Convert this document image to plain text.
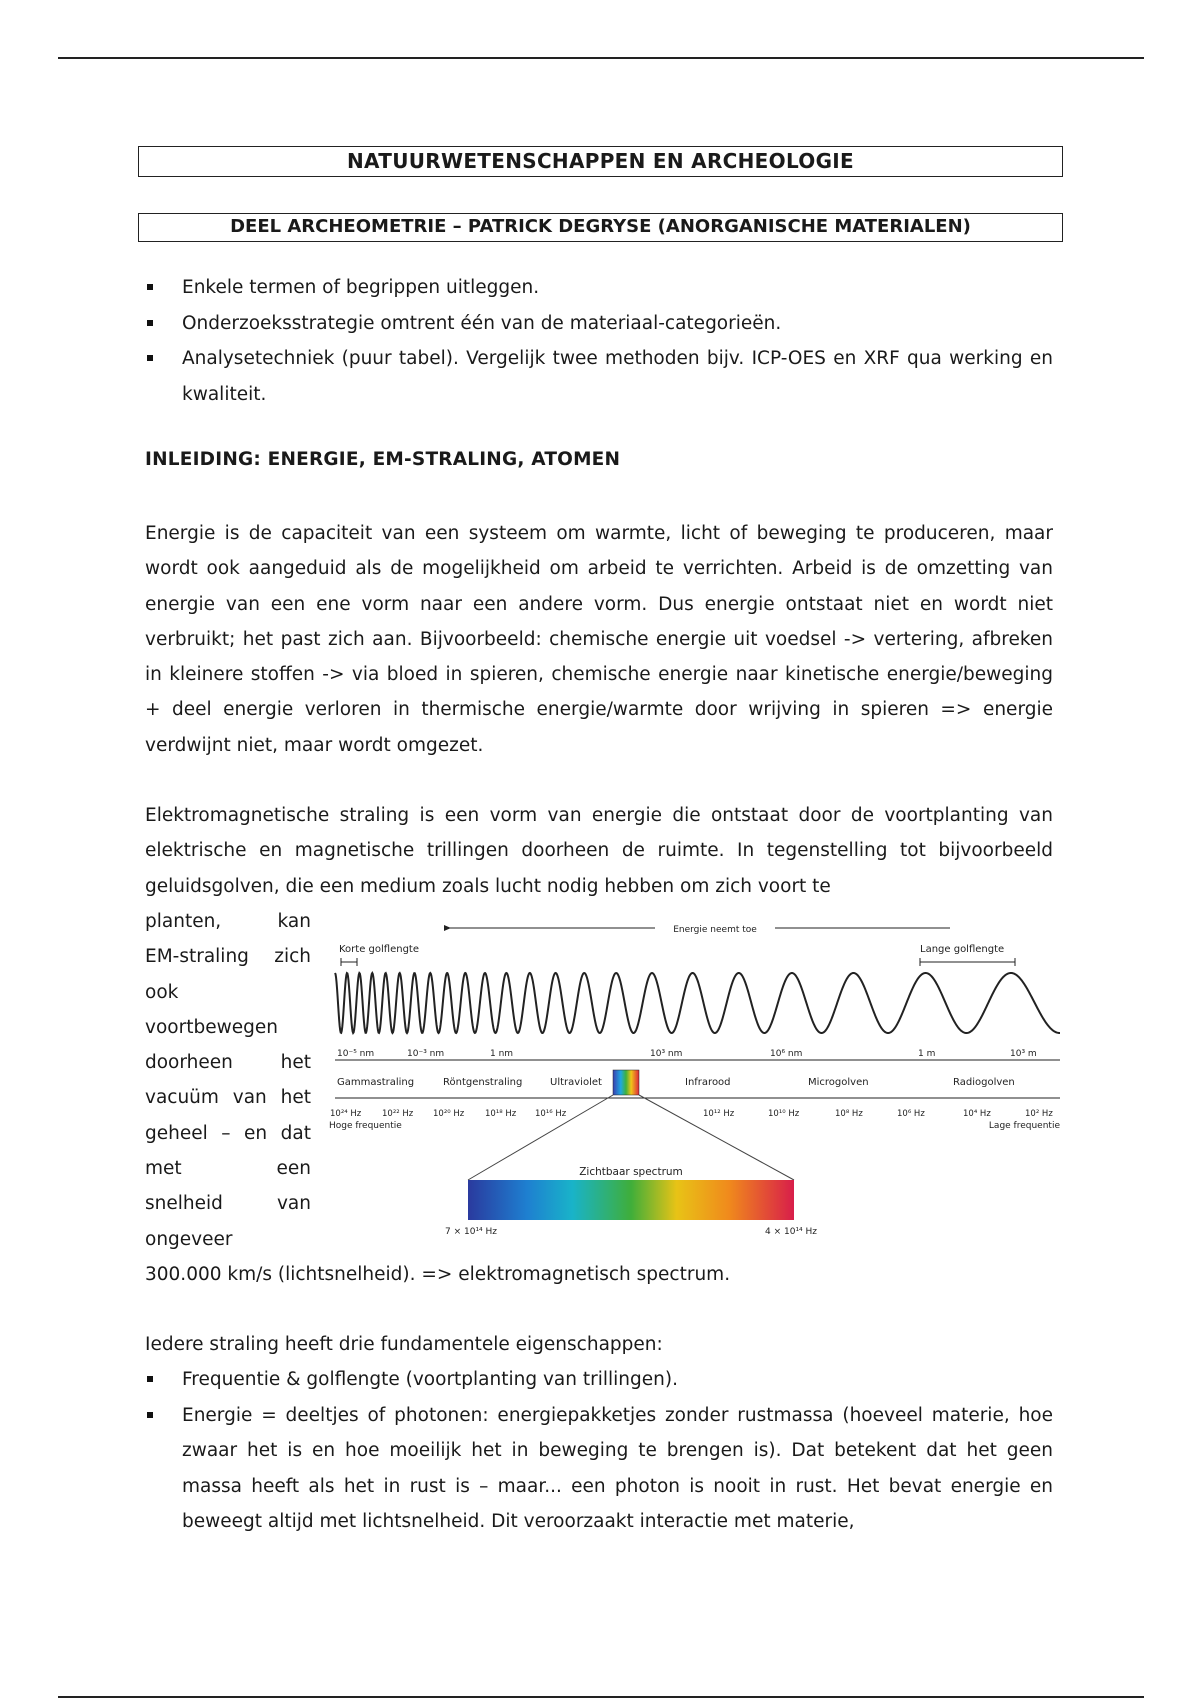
NATUURWETENSCHAPPEN EN ARCHEOLOGIE
DEEL ARCHEOMETRIE – PATRICK DEGRYSE (ANORGANISCHE MATERIALEN)
Enkele termen of begrippen uitleggen.
Onderzoeksstrategie omtrent één van de materiaal-categorieën.
Analysetechniek (puur tabel). Vergelijk twee methoden bijv. ICP-OES en XRF qua werking en kwaliteit.
INLEIDING: ENERGIE, EM-STRALING, ATOMEN

Energie is de capaciteit van een systeem om warmte, licht of beweging te produceren, maar wordt ook aangeduid als de mogelijkheid om arbeid te verrichten. Arbeid is de omzetting van energie van een ene vorm naar een andere vorm. Dus energie ontstaat niet en wordt niet verbruikt; het past zich aan. Bijvoorbeeld: chemische energie uit voedsel -> vertering, afbreken in kleinere stoffen -> via bloed in spieren, chemische energie naar kinetische energie/beweging + deel energie verloren in thermische energie/warmte door wrijving in spieren => energie verdwijnt niet, maar wordt omgezet.

Elektromagnetische straling is een vorm van energie die ontstaat door de voortplanting van elektrische en magnetische trillingen doorheen de ruimte. In tegenstelling tot bijvoorbeeld geluidsgolven, die een medium zoals lucht nodig hebben om zich voort te

planten, kan
EM-straling zich
ook
voortbewegen
doorheen het
vacuüm van het
geheel – en dat
met een
snelheid van
ongeveer
Energie neemt toe
Korte golflengte	Lange golflengte
10⁻⁵ nm	10⁻³ nm	1 nm	10³ nm	10⁶ nm	1 m	10³ m
Gammastraling	Röntgenstraling	Ultraviolet	Infrarood	Microgolven	Radiogolven
10²⁴ Hz 10²² Hz 10²⁰ Hz 10¹⁸ Hz 10¹⁶ Hz	10¹² Hz	10¹⁰ Hz	10⁸ Hz	10⁶ Hz	10⁴ Hz	10² Hz
Hoge frequentie	Lage frequentie
Zichtbaar spectrum
7 × 10¹⁴ Hz	4 × 10¹⁴ Hz

300.000 km/s (lichtsnelheid). => elektromagnetisch spectrum.

Iedere straling heeft drie fundamentele eigenschappen:

Frequentie & golflengte (voortplanting van trillingen).
Energie = deeltjes of photonen: energiepakketjes zonder rustmassa (hoeveel materie, hoe zwaar het is en hoe moeilijk het in beweging te brengen is). Dat betekent dat het geen massa heeft als het in rust is – maar... een photon is nooit in rust. Het bevat energie en beweegt altijd met lichtsnelheid. Dit veroorzaakt interactie met materie,
